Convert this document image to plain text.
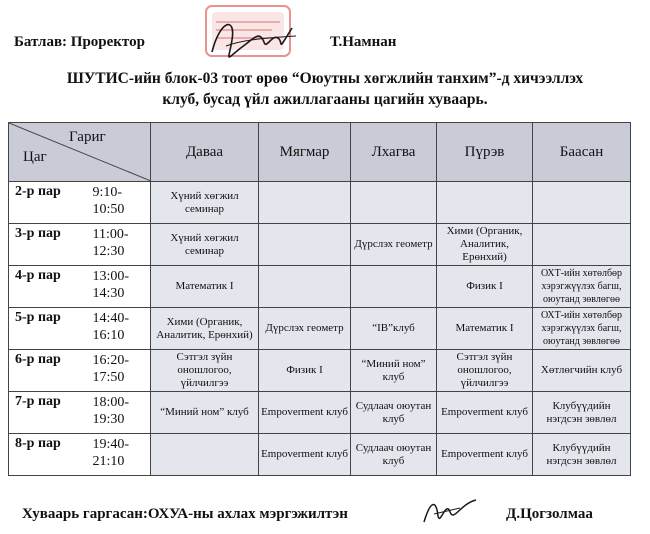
Батлав: Проректор	Т.Намнан
ШУТИС-ийн блок-03 тоот өрөө “Оюутны хөгжлийн танхим”-д хичээллэх
клуб, бусад үйл ажиллагааны цагийн хуваарь.
Гариг
Цаг		Даваа	Мягмар	Лхагва	Пүрэв	Баасан
2-р пар	9:10-
10:50	Хүний хөгжил семинар				
3-р пар	11:00-
12:30	Хүний хөгжил семинар		Дүрслэх геометр	Хими (Органик, Аналитик, Ерөнхий)	
4-р пар	13:00-
14:30	Математик I			Физик I	ОХТ-ийн хөтөлбөр хэрэгжүүлэх багш, оюутанд зөвлөгөө
5-р пар	14:40-
16:10	Хими (Органик, Аналитик, Ерөнхий)	Дүрслэх геометр	“IB”клуб	Математик I	ОХТ-ийн хөтөлбөр хэрэгжүүлэх багш, оюутанд зөвлөгөө
6-р пар	16:20-
17:50	Сэтгэл зүйн оношлогоо, үйлчилгээ	Физик I	“Миний ном” клуб	Сэтгэл зүйн оношлогоо, үйлчилгээ	Хөтлөгчийн клуб
7-р пар	18:00-
19:30	“Миний ном” клуб	Empoverment клуб	Судлаач оюутан клуб	Empoverment клуб	Клубүүдийн нэгдсэн зөвлөл
8-р пар	19:40-
21:10		Empoverment клуб	Судлаач оюутан клуб	Empoverment клуб	Клубүүдийн нэгдсэн зөвлөл
Хуваарь гаргасан:ОХУА-ны ахлах мэргэжилтэн	Д.Цогзолмаа
